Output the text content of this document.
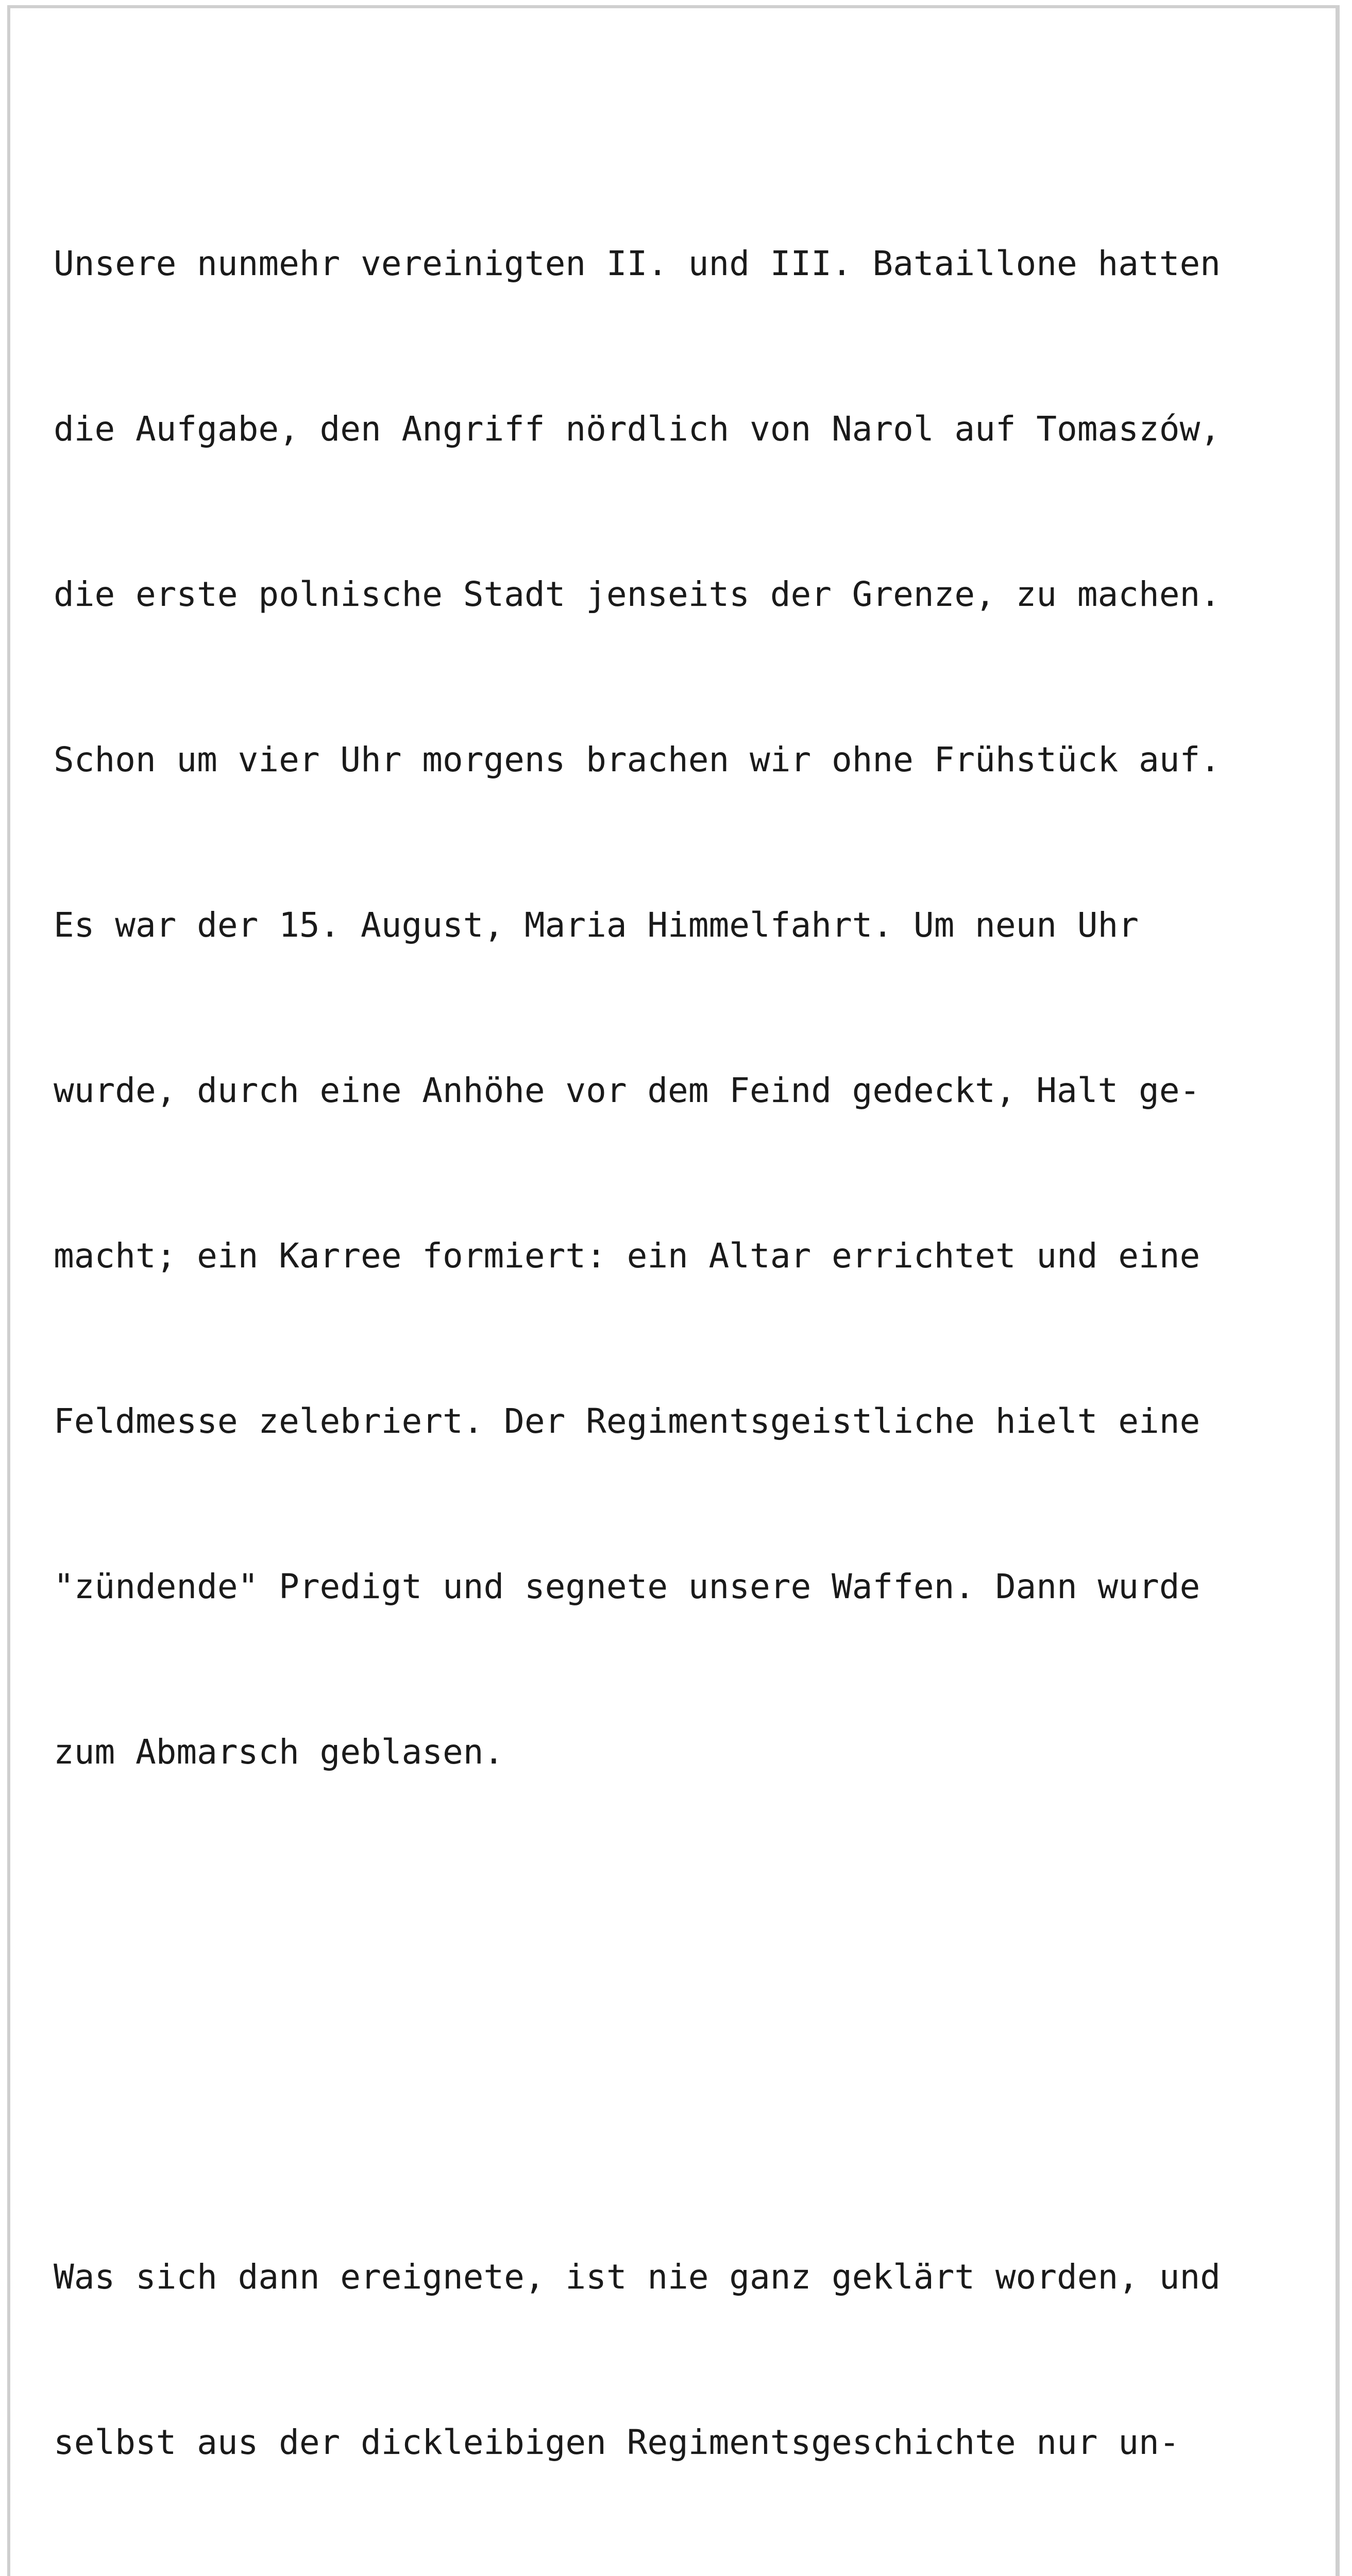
Unsere nunmehr vereinigten II. und III. Bataillone hatten

die Aufgabe, den Angriff nördlich von Narol auf Tomaszów,

die erste polnische Stadt jenseits der Grenze, zu machen.

Schon um vier Uhr morgens brachen wir ohne Frühstück auf.

Es war der 15. August, Maria Himmelfahrt. Um neun Uhr

wurde, durch eine Anhöhe vor dem Feind gedeckt, Halt ge-

macht; ein Karree formiert: ein Altar errichtet und eine

Feldmesse zelebriert. Der Regimentsgeistliche hielt eine

"zündende" Predigt und segnete unsere Waffen. Dann wurde

zum Abmarsch geblasen.

Was sich dann ereignete, ist nie ganz geklärt worden, und

selbst aus der dickleibigen Regimentsgeschichte nur un-
